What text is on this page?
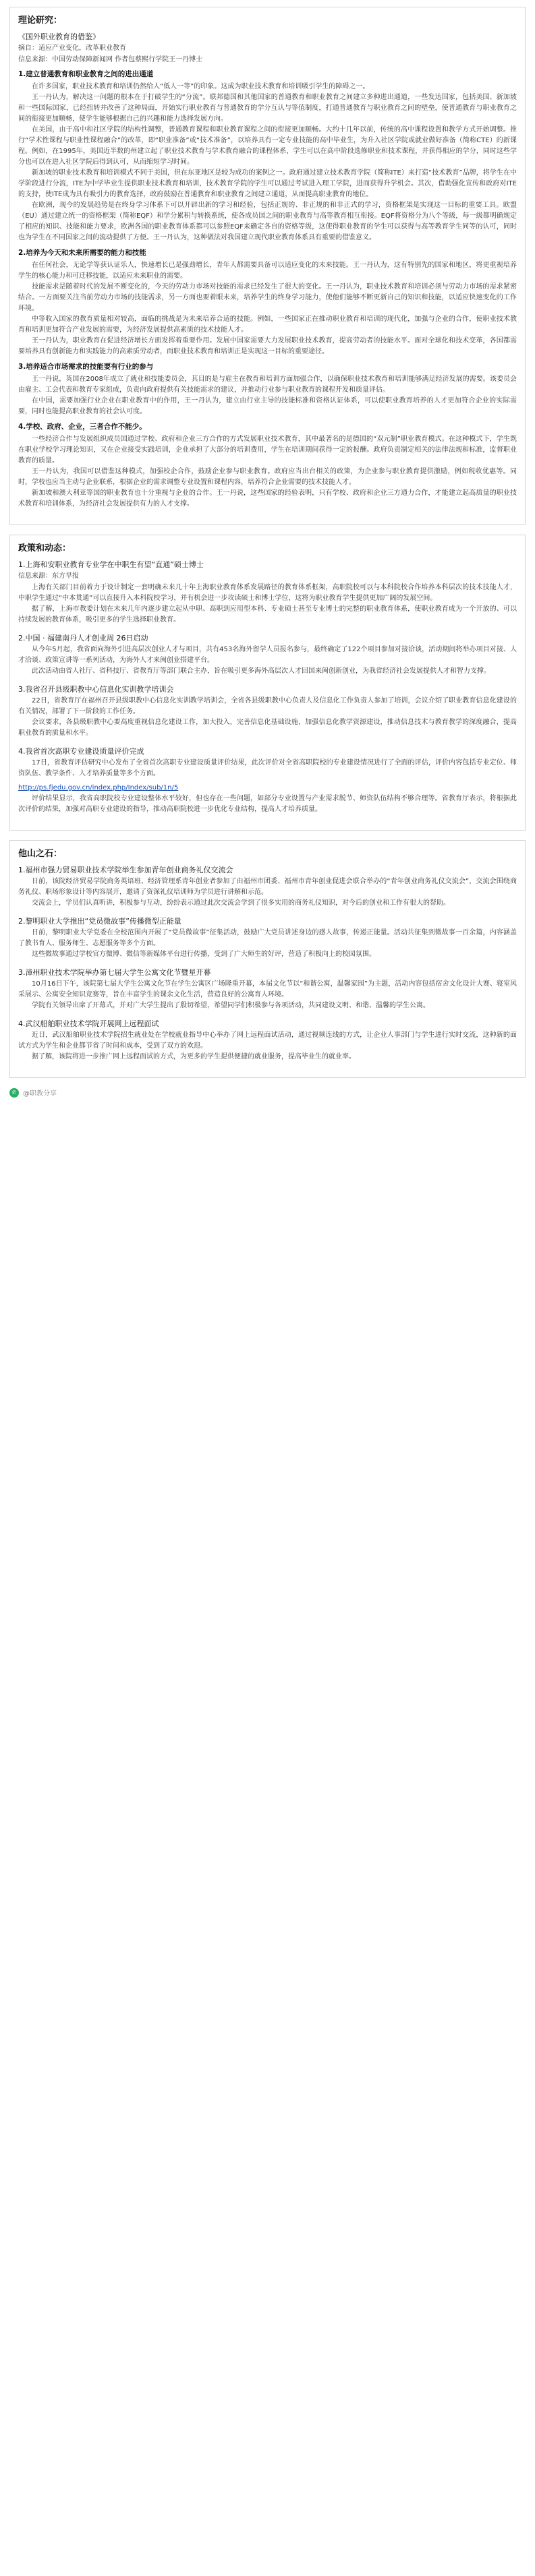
理论研究：
《国外职业教育的借鉴》
摘自：适应产业变化，改革职业教育
信息来源：中国劳动保障新闻网 作者包蔡熙行学院王一丹博士
1.建立普通教育和职业教育之间的进出通道

在许多国家，职业技术教育和培训仍然给人“低人一等”的印象。这成为职业技术教育和培训吸引学生的障碍之一。

王一丹认为，解决这一问题的根本在于打破学生的“分流”。联邦德国和其他国家的普通教育和职业教育之间建立多种进出通道，一些发达国家，包括美国、新加坡和一些国际国家，已经扭转并改善了这种局面，开始实行职业教育与普通教育的学分互认与等值制度，打通普通教育与职业教育之间的壁垒，使普通教育与职业教育之间的衔接更加顺畅，使学生能够根据自己的兴趣和能力选择发展方向。

在美国，由于高中和社区学院的结构性调整，普通教育课程和职业教育课程之间的衔接更加顺畅。大约十几年以前，传统的高中课程设置和教学方式开始调整。推行“学术性课程与职业性课程融合”的改革，即“职业准备”或“技术准备”，以培养具有一定专业技能的高中毕业生，为升入社区学院或就业做好准备（简称CTE）的新课程。例如，在1995年，美国近半数的州建立起了职业技术教育与学术教育融合的课程体系，学生可以在高中阶段选修职业和技术课程，并获得相应的学分，同时这些学分也可以在进入社区学院后得到认可，从而缩短学习时间。

新加坡的职业技术教育和培训模式不同于美国，但在东亚地区是较为成功的案例之一。政府通过建立技术教育学院（简称ITE）来打造“技术教育”品牌，将学生在中学阶段进行分流，ITE为中学毕业生提供职业技术教育和培训，技术教育学院的学生可以通过考试进入理工学院，进而获得升学机会。其次，借助强化宣传和政府对ITE的支持，使ITE成为具有吸引力的教育选择，政府鼓励在普通教育和职业教育之间建立通道，从而提高职业教育的地位。

在欧洲，现今的发展趋势是在终身学习体系下可以开辟出新的学习和经验，包括正规的、非正规的和非正式的学习，资格框架是实现这一目标的重要工具。欧盟（EU）通过建立统一的资格框架（简称EQF）和学分累积与转换系统，使各成员国之间的职业教育与高等教育相互衔接。EQF将资格分为八个等级，每一级都明确规定了相应的知识、技能和能力要求，欧洲各国的职业教育体系都可以参照EQF来确定各自的资格等级，这使得职业教育的学生可以获得与高等教育学生同等的认可，同时也为学生在不同国家之间的流动提供了方便。王一丹认为，这种做法对我国建立现代职业教育体系具有重要的借鉴意义。

2.培养为今天和未来所需要的能力和技能

在任何社会，无论学等获认证乐人，快速增长已是强劲增长，青年人都需要具备可以适应变化的未来技能。王一丹认为，这有特别先的国家和地区，将更重视培养学生的核心能力和可迁移技能，以适应未来职业的需要。

技能需求是随着时代的发展不断变化的，今天的劳动力市场对技能的需求已经发生了很大的变化。王一丹认为，职业技术教育和培训必须与劳动力市场的需求紧密结合。一方面要关注当前劳动力市场的技能需求，另一方面也要着眼未来，培养学生的终身学习能力，使他们能够不断更新自己的知识和技能，以适应快速变化的工作环境。

中等收入国家的教育质量相对较高，面临的挑战是为未来培养合适的技能。例如，一些国家正在推动职业教育和培训的现代化，加强与企业的合作，使职业技术教育和培训更加符合产业发展的需要，为经济发展提供高素质的技术技能人才。

王一丹认为，职业教育在促进经济增长方面发挥着重要作用。发展中国家需要大力发展职业技术教育，提高劳动者的技能水平。面对全球化和技术变革，各国都需要培养具有创新能力和实践能力的高素质劳动者，而职业技术教育和培训正是实现这一目标的重要途径。

3.培养适合市场需求的技能要有行业的参与

王一丹说，英国在2008年成立了就业和技能委员会，其目的是与雇主在教育和培训方面加强合作，以确保职业技术教育和培训能够满足经济发展的需要。该委员会由雇主、工会代表和教育专家组成，负责向政府提供有关技能需求的建议，并推动行业参与职业教育的课程开发和质量评估。

在中国，需要加强行业企业在职业教育中的作用，王一丹认为，建立由行业主导的技能标准和资格认证体系，可以使职业教育培养的人才更加符合企业的实际需要，同时也能提高职业教育的社会认可度。

4.学校、政府、企业，三者合作不能少。

一些经济合作与发展组织成员国通过学校、政府和企业三方合作的方式发展职业技术教育，其中最著名的是德国的“双元制”职业教育模式。在这种模式下，学生既在职业学校学习理论知识，又在企业接受实践培训，企业承担了大部分的培训费用，学生在培训期间获得一定的报酬。政府负责制定相关的法律法规和标准，监督职业教育的质量。

王一丹认为，我国可以借鉴这种模式，加强校企合作，鼓励企业参与职业教育。政府应当出台相关的政策，为企业参与职业教育提供激励，例如税收优惠等。同时，学校也应当主动与企业联系，根据企业的需求调整专业设置和课程内容，培养符合企业需要的技术技能人才。

新加坡和澳大利亚等国的职业教育也十分重视与企业的合作。王一丹说，这些国家的经验表明，只有学校、政府和企业三方通力合作，才能建立起高质量的职业技术教育和培训体系，为经济社会发展提供有力的人才支撑。

政策和动态：
1.上海和安职业教育专业学在中职生有望“直通”硕士博士
信息来源：东方早报

上海有关部门目前着力于设计制定一套明确未来几十年上海职业教育体系发展路径的教育体系框架，高职院校可以与本科院校合作培养本科层次的技术技能人才，中职学生通过“中本贯通”可以直接升入本科院校学习，并有机会进一步攻读硕士和博士学位，这将为职业教育学生提供更加广阔的发展空间。

据了解，上海市教委计划在未来几年内逐步建立起从中职、高职到应用型本科、专业硕士甚至专业博士的完整的职业教育体系，使职业教育成为一个开放的、可以持续发展的教育体系，吸引更多的学生选择职业教育。

2.中国 · 福建南丹人才创业周 26日启动

从今年5月起，我省面向海外引进高层次创业人才与项目，共有453名海外留学人员报名参与，最终确定了122个项目参加对接洽谈，活动期间将举办项目对接、人才洽谈、政策宣讲等一系列活动，为海外人才来闽创业搭建平台。

此次活动由省人社厅、省科技厅、省教育厅等部门联合主办，旨在吸引更多海外高层次人才回国来闽创新创业，为我省经济社会发展提供人才和智力支撑。

3.我省召开县级职教中心信息化实训教学培训会

22日，省教育厅在福州召开县级职教中心信息化实训教学培训会，全省各县级职教中心负责人及信息化工作负责人参加了培训，会议介绍了职业教育信息化建设的有关情况，部署了下一阶段的工作任务。

会议要求，各县级职教中心要高度重视信息化建设工作，加大投入，完善信息化基础设施，加强信息化教学资源建设，推动信息技术与教育教学的深度融合，提高职业教育的质量和水平。

4.我省首次高职专业建设质量评价完成

17日，省教育评估研究中心发布了全省首次高职专业建设质量评价结果，此次评价对全省高职院校的专业建设情况进行了全面的评估，评价内容包括专业定位、师资队伍、教学条件、人才培养质量等多个方面。

http://ps.fjedu.gov.cn/index.php/Index/sub/1n/5

评价结果显示，我省高职院校专业建设整体水平较好，但也存在一些问题，如部分专业设置与产业需求脱节、师资队伍结构不够合理等。省教育厅表示，将根据此次评价的结果，加强对高职专业建设的指导，推动高职院校进一步优化专业结构，提高人才培养质量。

他山之石：
1.福州市强力贸易职业技术学院举生参加青年创业商务礼仪交流会

日前，该院经济贸易学院商务英语班、经济管理系青年创业者参加了由福州市团委、福州市青年创业促进会联合举办的“青年创业商务礼仪交流会”，交流会围绕商务礼仪、职场形象设计等内容展开，邀请了资深礼仪培训师为学员进行讲解和示范。

交流会上，学员们认真听讲，积极参与互动，纷纷表示通过此次交流会学到了很多实用的商务礼仪知识，对今后的创业和工作有很大的帮助。

2.黎明职业大学推出“党员微故事”传播微型正能量

日前，黎明职业大学党委在全校范围内开展了“党员微故事”征集活动，鼓励广大党员讲述身边的感人故事，传递正能量。活动共征集到微故事一百余篇，内容涵盖了教书育人、服务师生、志愿服务等多个方面。

这些微故事通过学校官方微博、微信等新媒体平台进行传播，受到了广大师生的好评，营造了积极向上的校园氛围。

3.漳州职业技术学院举办第七届大学生公寓文化节暨星开幕

10月16日下午，该院第七届大学生公寓文化节在学生公寓区广场隆重开幕，本届文化节以“和谐公寓，温馨家园”为主题，活动内容包括宿舍文化设计大赛、寝室风采展示、公寓安全知识竞赛等，旨在丰富学生的课余文化生活，营造良好的公寓育人环境。

学院有关领导出席了开幕式，并对广大学生提出了殷切希望，希望同学们积极参与各项活动，共同建设文明、和谐、温馨的学生公寓。

4.武汉船舶职业技术学院开展网上远程面试

近日，武汉船舶职业技术学院招生就业处在学校就业指导中心举办了网上远程面试活动，通过视频连线的方式，让企业人事部门与学生进行实时交流，这种新的面试方式为学生和企业都节省了时间和成本，受到了双方的欢迎。

据了解，该院将进一步推广网上远程面试的方式，为更多的学生提供便捷的就业服务，提高毕业生的就业率。

✆ @职教分享
